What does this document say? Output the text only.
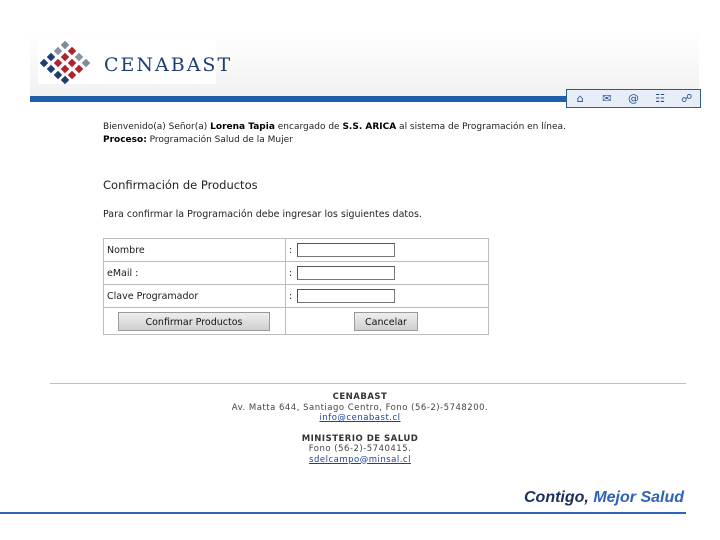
CENABAST
⌂	✉ @ ☷ ☍
Bienvenido(a) Señor(a) Lorena Tapia encargado de S.S. ARICA al sistema de Programación en línea.
Proceso: Programación Salud de la Mujer
Confirmación de Productos
Para confirmar la Programación debe ingresar los siguientes datos.
Nombre	:
eMail :	:
Clave Programador	:
Confirmar Productos	Cancelar
CENABAST
Av. Matta 644, Santiago Centro, Fono (56-2)-5748200.
info@cenabast.cl
MINISTERIO DE SALUD
Fono (56-2)-5740415.
sdelcampo@minsal.cl
Contigo, Mejor Salud
